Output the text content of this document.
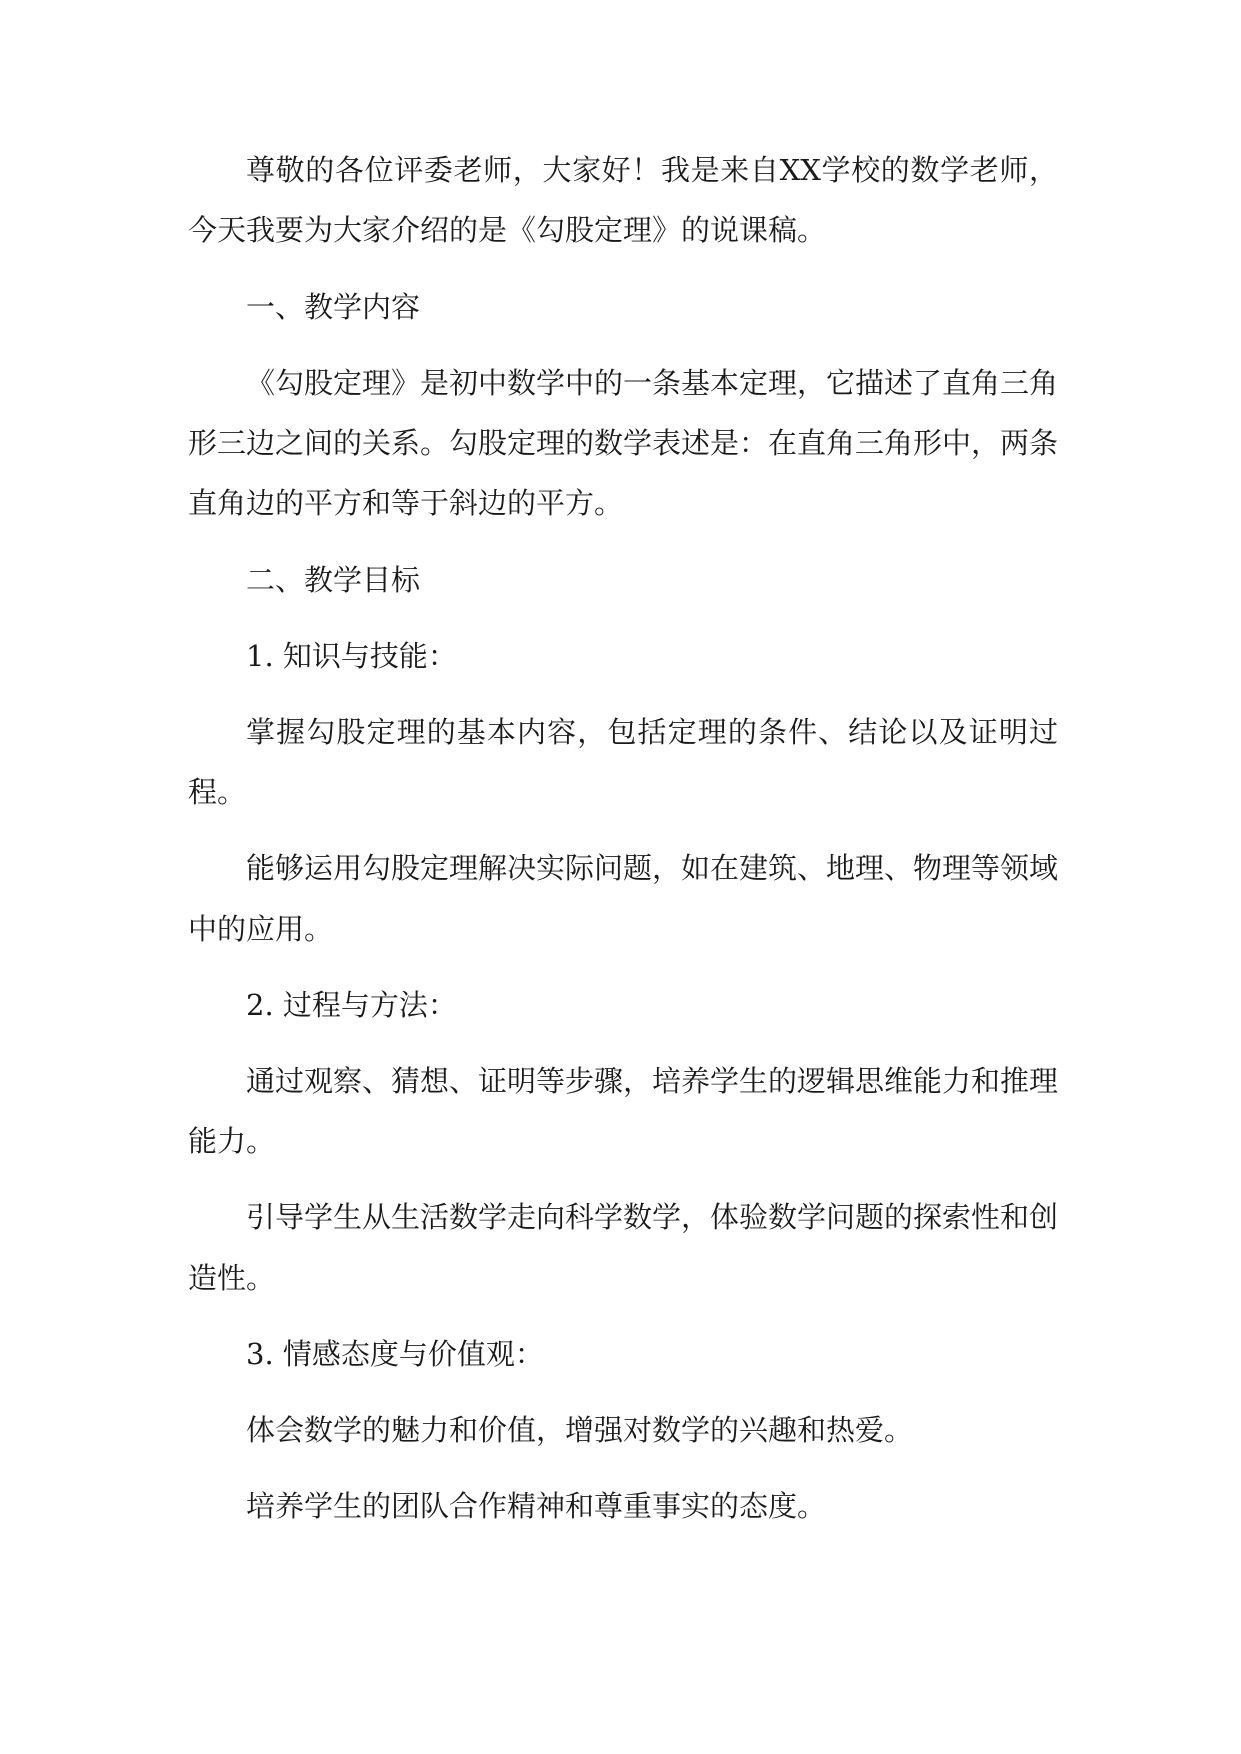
尊敬的各位评委老师，大家好！我是来自XX学校的数学老师，今天我要为大家介绍的是《勾股定理》的说课稿。

一、教学内容

《勾股定理》是初中数学中的一条基本定理，它描述了直角三角形三边之间的关系。勾股定理的数学表述是：在直角三角形中，两条直角边的平方和等于斜边的平方。

二、教学目标

1. 知识与技能：

掌握勾股定理的基本内容，包括定理的条件、结论以及证明过程。

能够运用勾股定理解决实际问题，如在建筑、地理、物理等领域中的应用。

2. 过程与方法：

通过观察、猜想、证明等步骤，培养学生的逻辑思维能力和推理能力。

引导学生从生活数学走向科学数学，体验数学问题的探索性和创造性。

3. 情感态度与价值观：

体会数学的魅力和价值，增强对数学的兴趣和热爱。

培养学生的团队合作精神和尊重事实的态度。
